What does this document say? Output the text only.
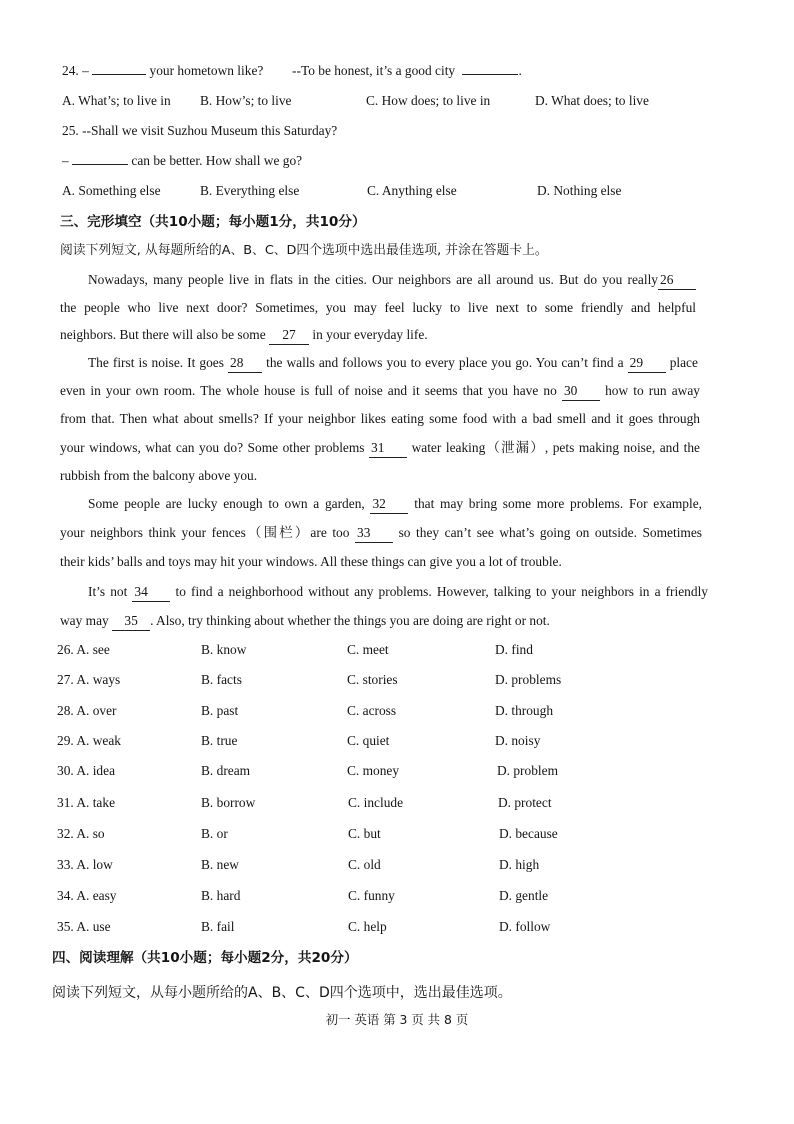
24. –	your hometown like? --To be honest, it’s a good city	.
A. What’s; to live in B. How’s; to live	C. How does; to live in	D. What does; to live
25. --Shall we visit Suzhou Museum this Saturday?
–	can be better. How shall we go?
A. Something else	B. Everything else	C. Anything else	D. Nothing else
三、完形填空（共10小题；每小题1分，共10分）
阅读下列短文, 从每题所给的A、B、C、D四个选项中选出最佳选项, 并涂在答题卡上。
Nowadays, many people live in flats in the cities. Our neighbors are all around us. But do you really 26
the people who live next door? Sometimes, you may feel lucky to live next to some friendly and helpful
neighbors. But there will also be some 27 in your everyday life.
The first is noise. It goes 28 the walls and follows you to every place you go. You can’t find a 29 place
even in your own room. The whole house is full of noise and it seems that you have no 30 how to run away
from that. Then what about smells? If your neighbor likes eating some food with a bad smell and it goes through
your windows, what can you do? Some other problems 31 water leaking（泄漏）, pets making noise, and the
rubbish from the balcony above you.
Some people are lucky enough to own a garden, 32 that may bring some more problems. For example,
your neighbors think your fences（围栏）are too 33 so they can’t see what’s going on outside. Sometimes
their kids’ balls and toys may hit your windows. All these things can give you a lot of trouble.
It’s not 34 to find a neighborhood without any problems. However, talking to your neighbors in a friendly
way may 35 . Also, try thinking about whether the things you are doing are right or not.
26. A. see	B. know	C. meet	D. find
27. A. ways	B. facts	C. stories	D. problems
28. A. over	B. past	C. across	D. through
29. A. weak	B. true	C. quiet	D. noisy
30. A. idea	B. dream	C. money	D. problem
31. A. take	B. borrow	C. include	D. protect
32. A. so	B. or	C. but	D. because
33. A. low	B. new	C. old	D. high
34. A. easy	B. hard	C. funny	D. gentle
35. A. use	B. fail	C. help	D. follow
四、阅读理解（共10小题；每小题2分，共20分）
阅读下列短文，从每小题所给的A、B、C、D四个选项中，选出最佳选项。
初一 英语 第 3 页 共 8 页
